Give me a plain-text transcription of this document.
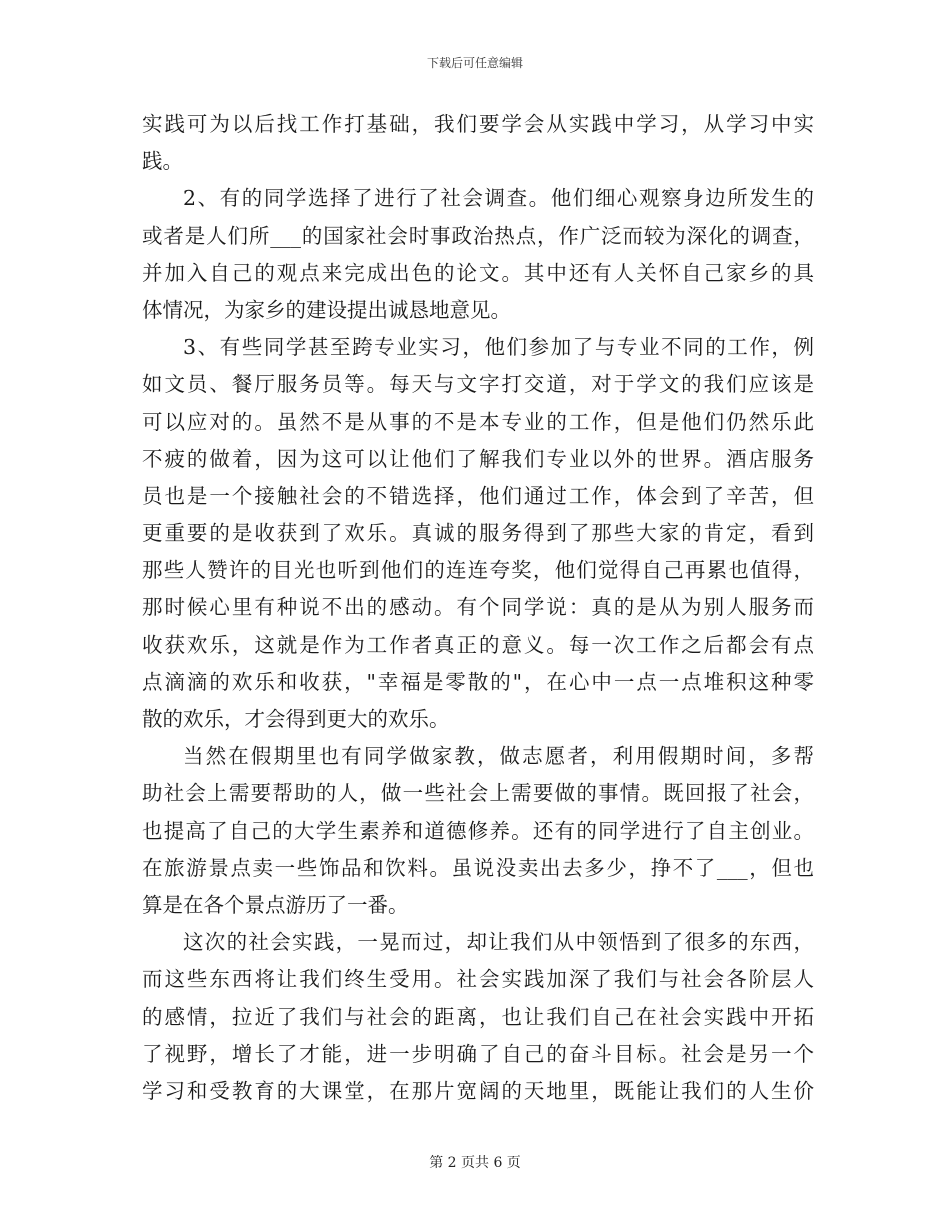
下载后可任意编辑
实践可为以后找工作打基础，我们要学会从实践中学习，从学习中实
践。
2、有的同学选择了进行了社会调查。他们细心观察身边所发生的
或者是人们所___的国家社会时事政治热点，作广泛而较为深化的调查，
并加入自己的观点来完成出色的论文。其中还有人关怀自己家乡的具
体情况，为家乡的建设提出诚恳地意见。
3、有些同学甚至跨专业实习，他们参加了与专业不同的工作，例
如文员、餐厅服务员等。每天与文字打交道，对于学文的我们应该是
可以应对的。虽然不是从事的不是本专业的工作，但是他们仍然乐此
不疲的做着，因为这可以让他们了解我们专业以外的世界。酒店服务
员也是一个接触社会的不错选择，他们通过工作，体会到了辛苦，但
更重要的是收获到了欢乐。真诚的服务得到了那些大家的肯定，看到
那些人赞许的目光也听到他们的连连夸奖，他们觉得自己再累也值得，
那时候心里有种说不出的感动。有个同学说：真的是从为别人服务而
收获欢乐，这就是作为工作者真正的意义。每一次工作之后都会有点
点滴滴的欢乐和收获，"幸福是零散的"，在心中一点一点堆积这种零
散的欢乐，才会得到更大的欢乐。
当然在假期里也有同学做家教，做志愿者，利用假期时间，多帮
助社会上需要帮助的人，做一些社会上需要做的事情。既回报了社会，
也提高了自己的大学生素养和道德修养。还有的同学进行了自主创业。
在旅游景点卖一些饰品和饮料。虽说没卖出去多少，挣不了___，但也
算是在各个景点游历了一番。
这次的社会实践，一晃而过，却让我们从中领悟到了很多的东西，
而这些东西将让我们终生受用。社会实践加深了我们与社会各阶层人
的感情，拉近了我们与社会的距离，也让我们自己在社会实践中开拓
了视野，增长了才能，进一步明确了自己的奋斗目标。社会是另一个
学习和受教育的大课堂，在那片宽阔的天地里，既能让我们的人生价
第 2 页共 6 页
